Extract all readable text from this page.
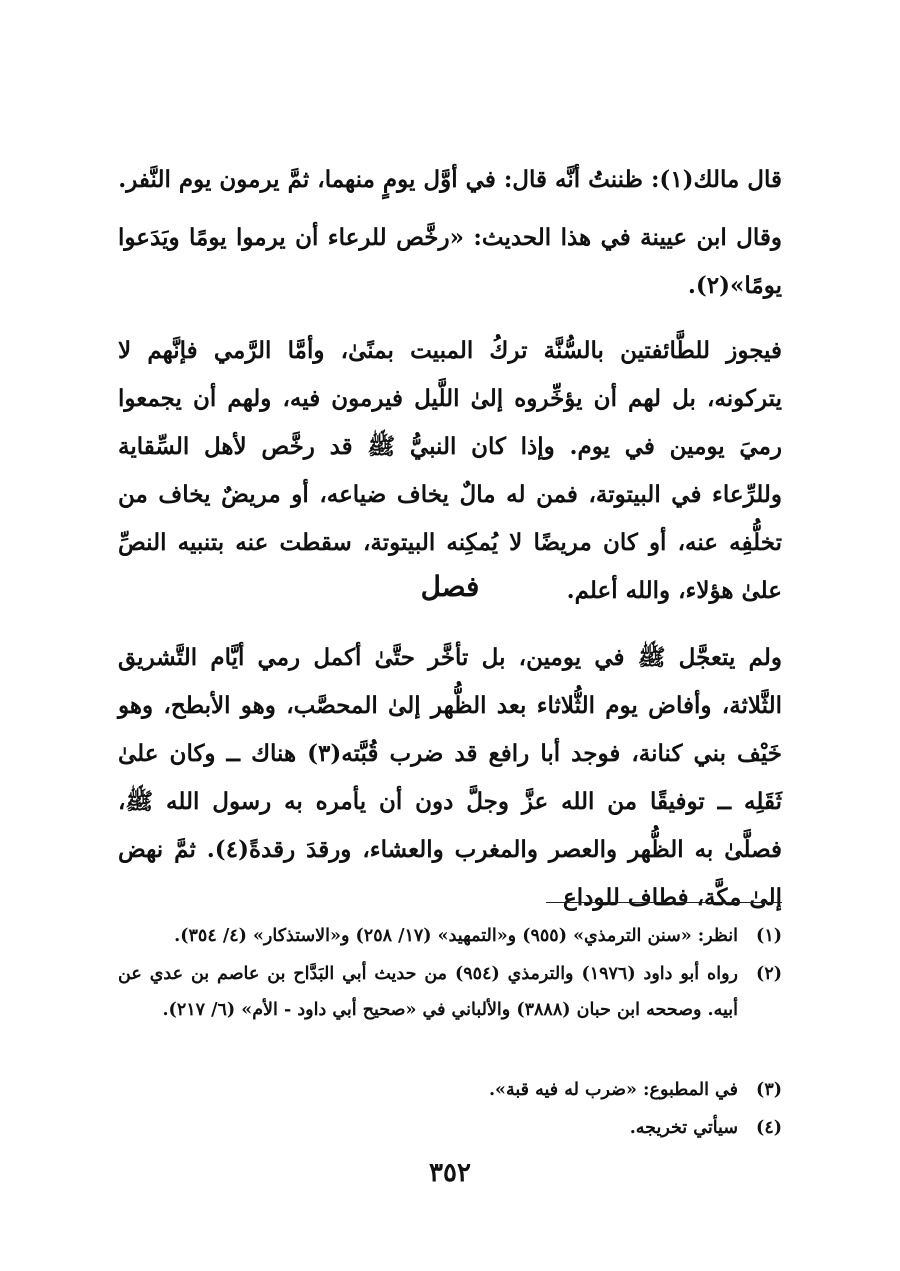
قال مالك(١): ظننتُ أنَّه قال: في أوَّل يومٍ منهما، ثمَّ يرمون يوم النَّفر.

وقال ابن عيينة في هذا الحديث: «رخَّص للرعاء أن يرموا يومًا ويَدَعوا يومًا»(٢).

فيجوز للطَّائفتين بالسُّنَّة تركُ المبيت بمنًىٰ، وأمَّا الرَّمي فإنَّهم لا يتركونه، بل لهم أن يؤخِّروه إلىٰ اللَّيل فيرمون فيه، ولهم أن يجمعوا رميَ يومين في يوم. وإذا كان النبيُّ ﷺ قد رخَّص لأهل السِّقاية وللرِّعاء في البيتوتة، فمن له مالٌ يخاف ضياعه، أو مريضٌ يخاف من تخلُّفِه عنه، أو كان مريضًا لا يُمكِنه البيتوتة، سقطت عنه بتنبيه النصِّ علىٰ هؤلاء، والله أعلم.

فصل

ولم يتعجَّل ﷺ في يومين، بل تأخَّر حتَّىٰ أكمل رمي أيَّام التَّشريق الثَّلاثة، وأفاض يوم الثُّلاثاء بعد الظُّهر إلىٰ المحصَّب، وهو الأبطح، وهو خَيْف بني كنانة، فوجد أبا رافع قد ضرب قُبَّته(٣) هناك ــ وكان علىٰ ثَقَلِه ــ توفيقًا من الله عزَّ وجلَّ دون أن يأمره به رسول الله ﷺ، فصلَّىٰ به الظُّهر والعصر والمغرب والعشاء، ورقدَ رقدةً(٤). ثمَّ نهض إلىٰ مكَّة، فطاف للوداع

(١)
انظر: «سنن الترمذي» (٩٥٥) و«التمهيد» (١٧/ ٢٥٨) و«الاستذكار» (٤/ ٣٥٤).
(٢)
رواه أبو داود (١٩٧٦) والترمذي (٩٥٤) من حديث أبي البَدَّاح بن عاصم بن عدي عن أبيه. وصححه ابن حبان (٣٨٨٨) والألباني في «صحيح أبي داود - الأم» (٦/ ٢١٧).
(٣)
في المطبوع: «ضرب له فيه قبة».
(٤)
سيأتي تخريجه.
٣٥٢
